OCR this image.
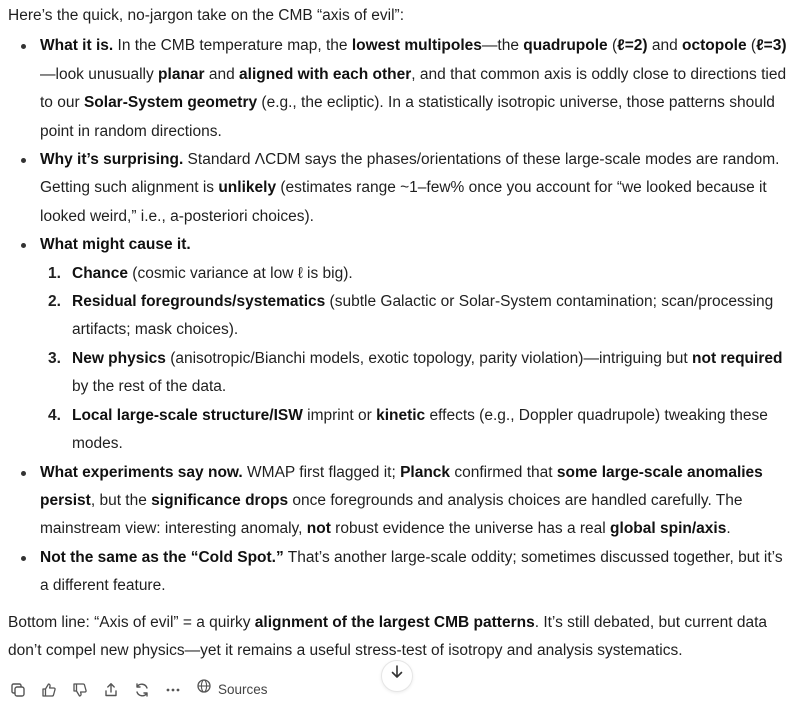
Here’s the quick, no-jargon take on the CMB “axis of evil”:

What it is. In the CMB temperature map, the lowest multipoles—the quadrupole (ℓ=2) and octopole (ℓ=3)—look unusually planar and aligned with each other, and that common axis is oddly close to directions tied to our Solar-System geometry (e.g., the ecliptic). In a statistically isotropic universe, those patterns should point in random directions.
Why it’s surprising. Standard ΛCDM says the phases/orientations of these large-scale modes are random. Getting such alignment is unlikely (estimates range ~1–few% once you account for “we looked because it looked weird,” i.e., a-posteriori choices).
What might cause it.
1. Chance (cosmic variance at low ℓ is big).
2. Residual foregrounds/systematics (subtle Galactic or Solar-System contamination; scan/processing artifacts; mask choices).
3. New physics (anisotropic/Bianchi models, exotic topology, parity violation)—intriguing but not required by the rest of the data.
4. Local large-scale structure/ISW imprint or kinetic effects (e.g., Doppler quadrupole) tweaking these modes.
What experiments say now. WMAP first flagged it; Planck confirmed that some large-scale anomalies persist, but the significance drops once foregrounds and analysis choices are handled carefully. The mainstream view: interesting anomaly, not robust evidence the universe has a real global spin/axis.
Not the same as the “Cold Spot.” That’s another large-scale oddity; sometimes discussed together, but it’s a different feature.

Bottom line: “Axis of evil” = a quirky alignment of the largest CMB patterns. It’s still debated, but current data don’t compel new physics—yet it remains a useful stress-test of isotropy and analysis systematics.

Sources
